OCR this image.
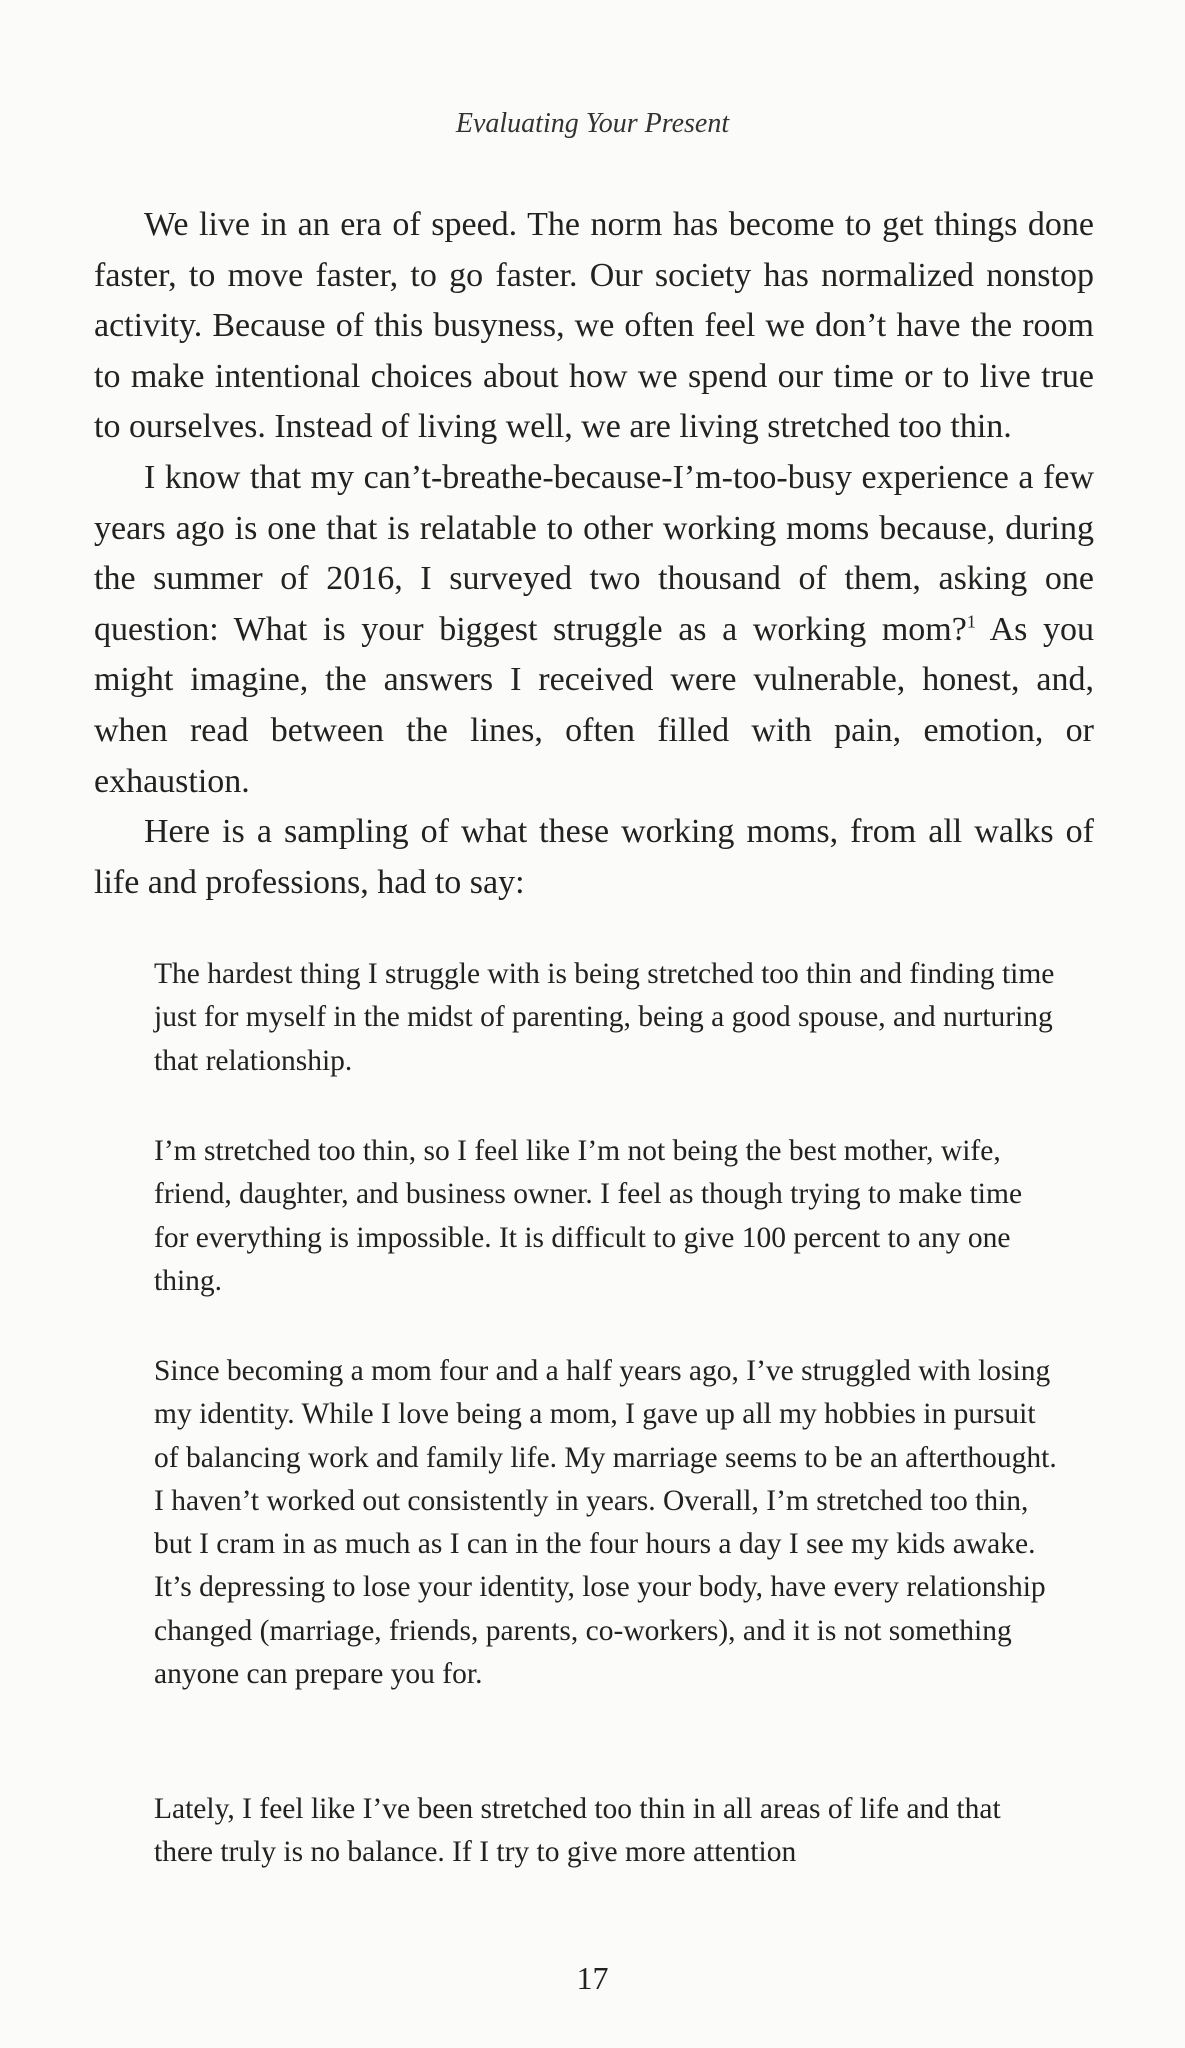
Evaluating Your Present

We live in an era of speed. The norm has become to get things done faster, to move faster, to go faster. Our society has normalized nonstop activity. Because of this busyness, we often feel we don’t have the room to make intentional choices about how we spend our time or to live true to ourselves. Instead of living well, we are living stretched too thin.

I know that my can’t-breathe-because-I’m-too-busy experience a few years ago is one that is relatable to other working moms because, during the summer of 2016, I surveyed two thousand of them, asking one question: What is your biggest struggle as a working mom?$^1$ As you might imagine, the answers I received were vulnerable, honest, and, when read between the lines, often filled with pain, emotion, or exhaustion.

Here is a sampling of what these working moms, from all walks of life and professions, had to say:

The hardest thing I struggle with is being stretched too thin and finding time just for myself in the midst of parenting, being a good spouse, and nurturing that relationship.

I’m stretched too thin, so I feel like I’m not being the best mother, wife, friend, daughter, and business owner. I feel as though trying to make time for everything is impossible. It is difficult to give 100 percent to any one thing.

Since becoming a mom four and a half years ago, I’ve struggled with losing my identity. While I love being a mom, I gave up all my hobbies in pursuit of balancing work and family life. My marriage seems to be an afterthought. I haven’t worked out consistently in years. Overall, I’m stretched too thin, but I cram in as much as I can in the four hours a day I see my kids awake. It’s depressing to lose your identity, lose your body, have every relationship changed (marriage, friends, parents, co-workers), and it is not something anyone can prepare you for.

Lately, I feel like I’ve been stretched too thin in all areas of life and that there truly is no balance. If I try to give more attention

17
